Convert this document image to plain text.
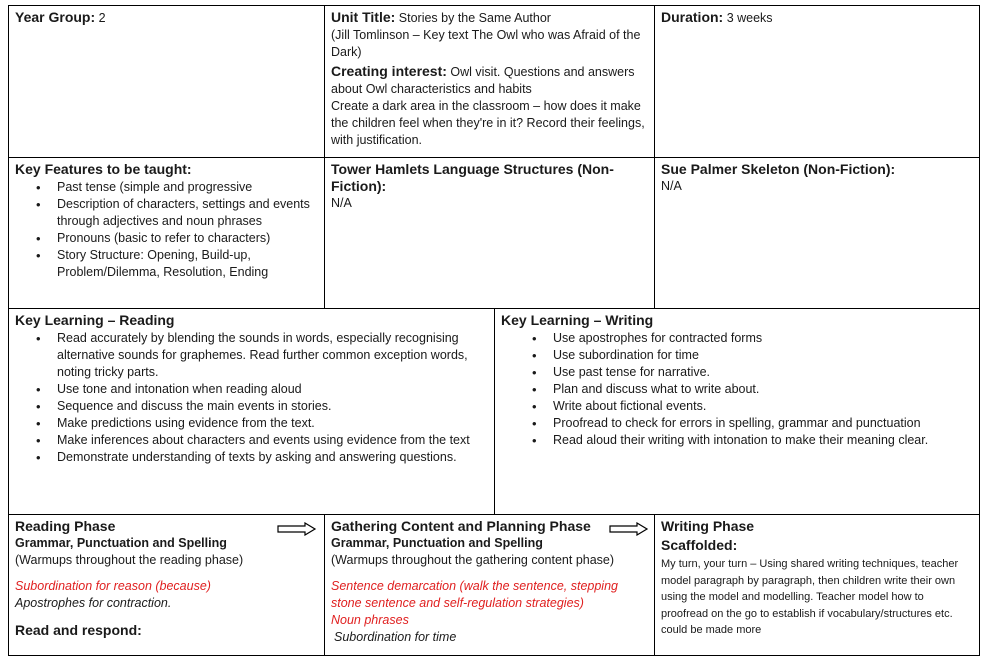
Year Group: 2	Unit Title: Stories by the Same Author
(Jill Tomlinson – Key text The Owl who was Afraid of the Dark)
Creating interest: Owl visit. Questions and answers about Owl characteristics and habits
Create a dark area in the classroom – how does it make the children feel when they're in it? Record their feelings, with justification.
Duration: 3 weeks
Key Features to be taught:
• Past tense (simple and progressive
• Description of characters, settings and events through adjectives and noun phrases
• Pronouns (basic to refer to characters)
• Story Structure: Opening, Build-up, Problem/Dilemma, Resolution, Ending
Tower Hamlets Language Structures (Non-Fiction):
N/A
Sue Palmer Skeleton (Non-Fiction):
N/A
Key Learning – Reading
• Read accurately by blending the sounds in words, especially recognising alternative sounds for graphemes. Read further common exception words, noting tricky parts.
• Use tone and intonation when reading aloud
• Sequence and discuss the main events in stories.
• Make predictions using evidence from the text.
• Make inferences about characters and events using evidence from the text
• Demonstrate understanding of texts by asking and answering questions.
Key Learning – Writing
• Use apostrophes for contracted forms
• Use subordination for time
• Use past tense for narrative.
• Plan and discuss what to write about.
• Write about fictional events.
• Proofread to check for errors in spelling, grammar and punctuation
• Read aloud their writing with intonation to make their meaning clear.
Reading Phase
Grammar, Punctuation and Spelling
(Warmups throughout the reading phase)
Subordination for reason (because)
Apostrophes for contraction.
Read and respond:
Gathering Content and Planning Phase
Grammar, Punctuation and Spelling
(Warmups throughout the gathering content phase)
Sentence demarcation (walk the sentence, stepping stone sentence and self-regulation strategies)
Noun phrases
Subordination for time
Writing Phase
Scaffolded:
My turn, your turn – Using shared writing techniques, teacher model paragraph by paragraph, then children write their own using the model and modelling. Teacher model how to proofread on the go to establish if vocabulary/structures etc. could be made more
